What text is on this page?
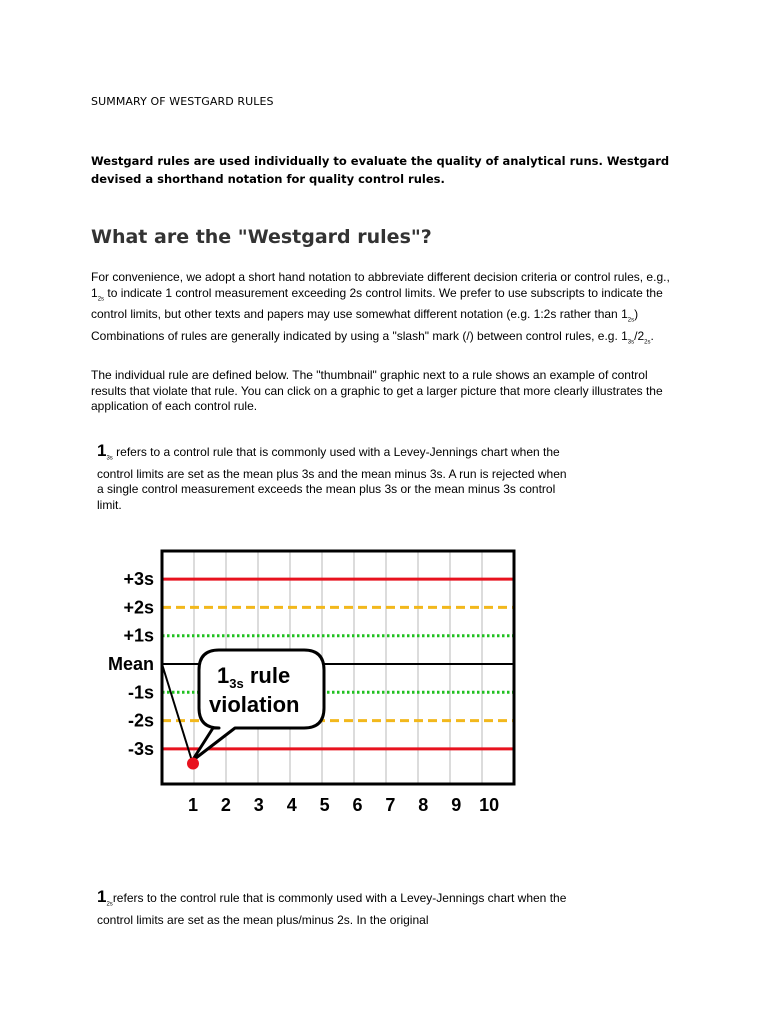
SUMMARY OF WESTGARD RULES
Westgard rules are used individually to evaluate the quality of analytical runs. Westgard devised a shorthand notation for quality control rules.
What are the "Westgard rules"?
For convenience, we adopt a short hand notation to abbreviate different decision criteria or control rules, e.g., $1_{2s}$ to indicate 1 control measurement exceeding 2s control limits. We prefer to use subscripts to indicate the control limits, but other texts and papers may use somewhat different notation (e.g. 1:2s rather than $1_{2s}$) Combinations of rules are generally indicated by using a "slash" mark (/) between control rules, e.g. $1_{3s}/2_{2s}$.
The individual rule are defined below. The "thumbnail" graphic next to a rule shows an example of control results that violate that rule. You can click on a graphic to get a larger picture that more clearly illustrates the application of each control rule.
$1_{3s}$ refers to a control rule that is commonly used with a Levey-Jennings chart when the control limits are set as the mean plus 3s and the mean minus 3s. A run is rejected when a single control measurement exceeds the mean plus 3s or the mean minus 3s control limit.
+3s
+2s
+1s
Mean
-1s
-2s
-3s
1 2 3 4 5 6 7 8 9 10
$1_{3s}$ rule
violation
$1_{2s}refers$ to the control rule that is commonly used with a Levey-Jennings chart when the control limits are set as the mean plus/minus 2s. In the original
